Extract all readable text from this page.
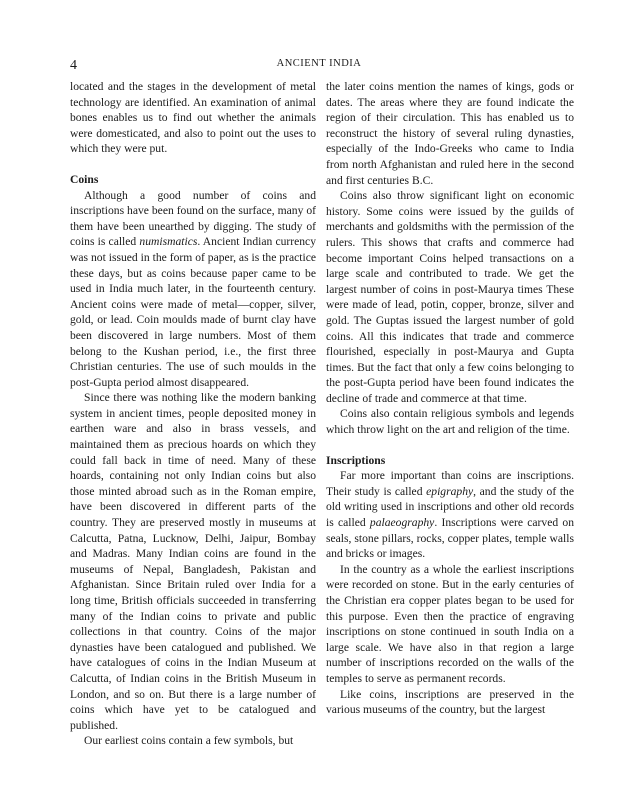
4	ANCIENT INDIA

located and the stages in the development of metal technology are identified. An examination of animal bones enables us to find out whether the animals were domesticated, and also to point out the uses to which they were put.

Coins

Although a good number of coins and inscriptions have been found on the surface, many of them have been unearthed by digging. The study of coins is called numismatics. Ancient Indian currency was not issued in the form of paper, as is the practice these days, but as coins because paper came to be used in India much later, in the fourteenth century. Ancient coins were made of metal—copper, silver, gold, or lead. Coin moulds made of burnt clay have been discovered in large numbers. Most of them belong to the Kushan period, i.e., the first three Christian centuries. The use of such moulds in the post-Gupta period almost disappeared.

Since there was nothing like the modern banking system in ancient times, people deposited money in earthen ware and also in brass vessels, and maintained them as precious hoards on which they could fall back in time of need. Many of these hoards, containing not only Indian coins but also those minted abroad such as in the Roman empire, have been discovered in different parts of the country. They are preserved mostly in museums at Calcutta, Patna, Lucknow, Delhi, Jaipur, Bombay and Madras. Many Indian coins are found in the museums of Nepal, Bangladesh, Pakistan and Afghanistan. Since Britain ruled over India for a long time, British officials succeeded in transferring many of the Indian coins to private and public collections in that country. Coins of the major dynasties have been catalogued and published. We have catalogues of coins in the Indian Museum at Calcutta, of Indian coins in the British Museum in London, and so on. But there is a large number of coins which have yet to be catalogued and published.

Our earliest coins contain a few symbols, but

the later coins mention the names of kings, gods or dates. The areas where they are found indicate the region of their circulation. This has enabled us to reconstruct the history of several ruling dynasties, especially of the Indo-Greeks who came to India from north Afghanistan and ruled here in the second and first centuries B.C.

Coins also throw significant light on economic history. Some coins were issued by the guilds of merchants and goldsmiths with the permission of the rulers. This shows that crafts and commerce had become important Coins helped transactions on a large scale and contributed to trade. We get the largest number of coins in post-Maurya times These were made of lead, potin, copper, bronze, silver and gold. The Guptas issued the largest number of gold coins. All this indicates that trade and commerce flourished, especially in post-Maurya and Gupta times. But the fact that only a few coins belonging to the post-Gupta period have been found indicates the decline of trade and commerce at that time.

Coins also contain religious symbols and legends which throw light on the art and religion of the time.

Inscriptions

Far more important than coins are inscriptions. Their study is called epigraphy, and the study of the old writing used in inscriptions and other old records is called palaeography. Inscriptions were carved on seals, stone pillars, rocks, copper plates, temple walls and bricks or images.

In the country as a whole the earliest inscriptions were recorded on stone. But in the early centuries of the Christian era copper plates began to be used for this purpose. Even then the practice of engraving inscriptions on stone continued in south India on a large scale. We have also in that region a large number of inscriptions recorded on the walls of the temples to serve as permanent records.

Like coins, inscriptions are preserved in the various museums of the country, but the largest
